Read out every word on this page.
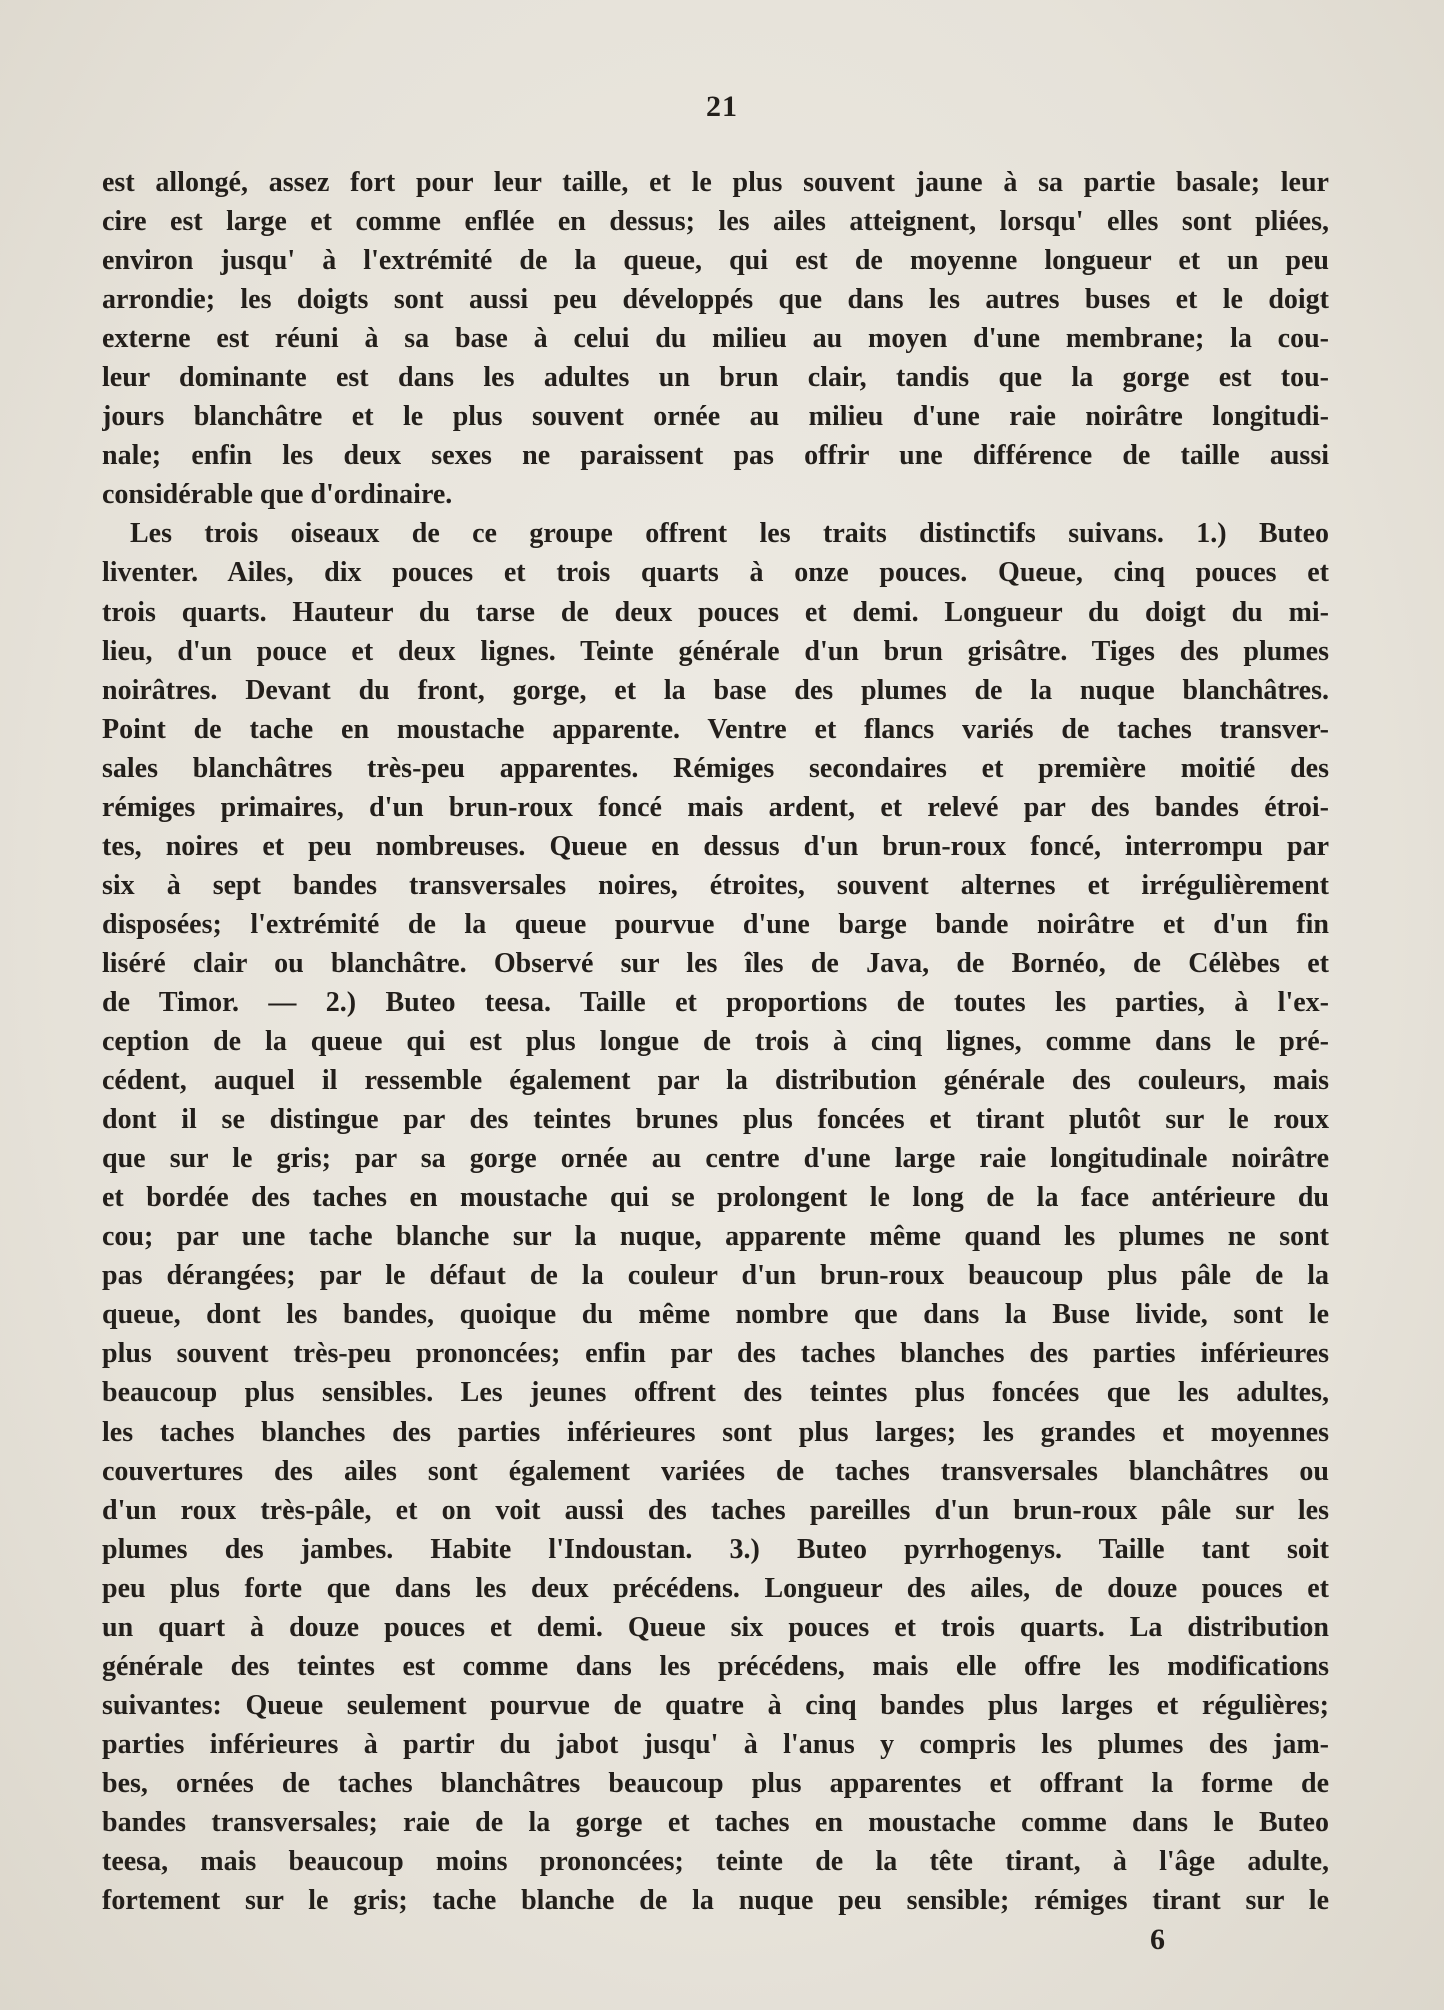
21
est allongé, assez fort pour leur taille, et le plus souvent jaune à sa partie basale; leur
cire est large et comme enflée en dessus; les ailes atteignent, lorsqu' elles sont pliées,
environ jusqu' à l'extrémité de la queue, qui est de moyenne longueur et un peu
arrondie; les doigts sont aussi peu développés que dans les autres buses et le doigt
externe est réuni à sa base à celui du milieu au moyen d'une membrane; la cou-
leur dominante est dans les adultes un brun clair, tandis que la gorge est tou-
jours blanchâtre et le plus souvent ornée au milieu d'une raie noirâtre longitudi-
nale; enfin les deux sexes ne paraissent pas offrir une différence de taille aussi
considérable que d'ordinaire.
Les trois oiseaux de ce groupe offrent les traits distinctifs suivans. 1.) Buteo
liventer. Ailes, dix pouces et trois quarts à onze pouces. Queue, cinq pouces et
trois quarts. Hauteur du tarse de deux pouces et demi. Longueur du doigt du mi-
lieu, d'un pouce et deux lignes. Teinte générale d'un brun grisâtre. Tiges des plumes
noirâtres. Devant du front, gorge, et la base des plumes de la nuque blanchâtres.
Point de tache en moustache apparente. Ventre et flancs variés de taches transver-
sales blanchâtres très-peu apparentes. Rémiges secondaires et première moitié des
rémiges primaires, d'un brun-roux foncé mais ardent, et relevé par des bandes étroi-
tes, noires et peu nombreuses. Queue en dessus d'un brun-roux foncé, interrompu par
six à sept bandes transversales noires, étroites, souvent alternes et irrégulièrement
disposées; l'extrémité de la queue pourvue d'une barge bande noirâtre et d'un fin
liséré clair ou blanchâtre. Observé sur les îles de Java, de Bornéo, de Célèbes et
de Timor. — 2.) Buteo teesa. Taille et proportions de toutes les parties, à l'ex-
ception de la queue qui est plus longue de trois à cinq lignes, comme dans le pré-
cédent, auquel il ressemble également par la distribution générale des couleurs, mais
dont il se distingue par des teintes brunes plus foncées et tirant plutôt sur le roux
que sur le gris; par sa gorge ornée au centre d'une large raie longitudinale noirâtre
et bordée des taches en moustache qui se prolongent le long de la face antérieure du
cou; par une tache blanche sur la nuque, apparente même quand les plumes ne sont
pas dérangées; par le défaut de la couleur d'un brun-roux beaucoup plus pâle de la
queue, dont les bandes, quoique du même nombre que dans la Buse livide, sont le
plus souvent très-peu prononcées; enfin par des taches blanches des parties inférieures
beaucoup plus sensibles. Les jeunes offrent des teintes plus foncées que les adultes,
les taches blanches des parties inférieures sont plus larges; les grandes et moyennes
couvertures des ailes sont également variées de taches transversales blanchâtres ou
d'un roux très-pâle, et on voit aussi des taches pareilles d'un brun-roux pâle sur les
plumes des jambes. Habite l'Indoustan. 3.) Buteo pyrrhogenys. Taille tant soit
peu plus forte que dans les deux précédens. Longueur des ailes, de douze pouces et
un quart à douze pouces et demi. Queue six pouces et trois quarts. La distribution
générale des teintes est comme dans les précédens, mais elle offre les modifications
suivantes: Queue seulement pourvue de quatre à cinq bandes plus larges et régulières;
parties inférieures à partir du jabot jusqu' à l'anus y compris les plumes des jam-
bes, ornées de taches blanchâtres beaucoup plus apparentes et offrant la forme de
bandes transversales; raie de la gorge et taches en moustache comme dans le Buteo
teesa, mais beaucoup moins prononcées; teinte de la tête tirant, à l'âge adulte,
fortement sur le gris; tache blanche de la nuque peu sensible; rémiges tirant sur le
6
